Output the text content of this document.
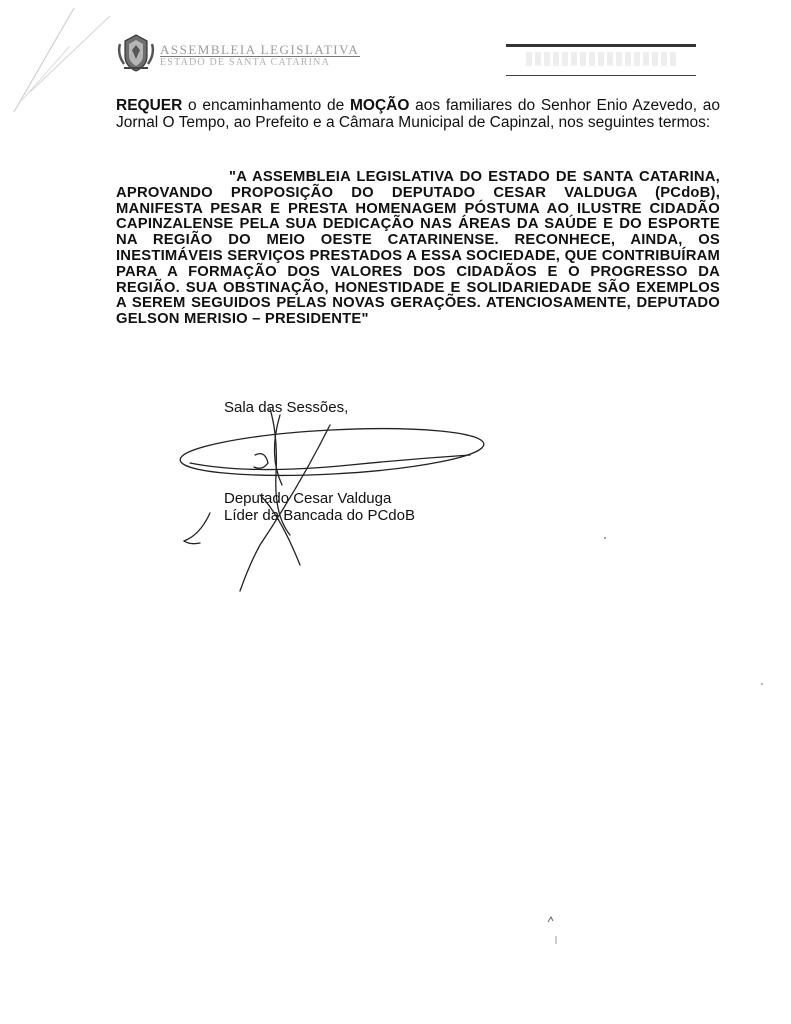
ASSEMBLEIA LEGISLATIVA
ESTADO DE SANTA CATARINA

REQUER o encaminhamento de MOÇÃO aos familiares do Senhor Enio Azevedo, ao Jornal O Tempo, ao Prefeito e a Câmara Municipal de Capinzal, nos seguintes termos:

"A ASSEMBLEIA LEGISLATIVA DO ESTADO DE SANTA CATARINA, APROVANDO PROPOSIÇÃO DO DEPUTADO CESAR VALDUGA (PCdoB), MANIFESTA PESAR E PRESTA HOMENAGEM PÓSTUMA AO ILUSTRE CIDADÃO CAPINZALENSE PELA SUA DEDICAÇÃO NAS ÁREAS DA SAÚDE E DO ESPORTE NA REGIÃO DO MEIO OESTE CATARINENSE. RECONHECE, AINDA, OS INESTIMÁVEIS SERVIÇOS PRESTADOS A ESSA SOCIEDADE, QUE CONTRIBUÍRAM PARA A FORMAÇÃO DOS VALORES DOS CIDADÃOS E O PROGRESSO DA REGIÃO. SUA OBSTINAÇÃO, HONESTIDADE E SOLIDARIEDADE SÃO EXEMPLOS A SEREM SEGUIDOS PELAS NOVAS GERAÇÕES. ATENCIOSAMENTE, DEPUTADO GELSON MERISIO – PRESIDENTE"

Sala das Sessões,
Deputado Cesar Valduga
Líder da Bancada do PCdoB
